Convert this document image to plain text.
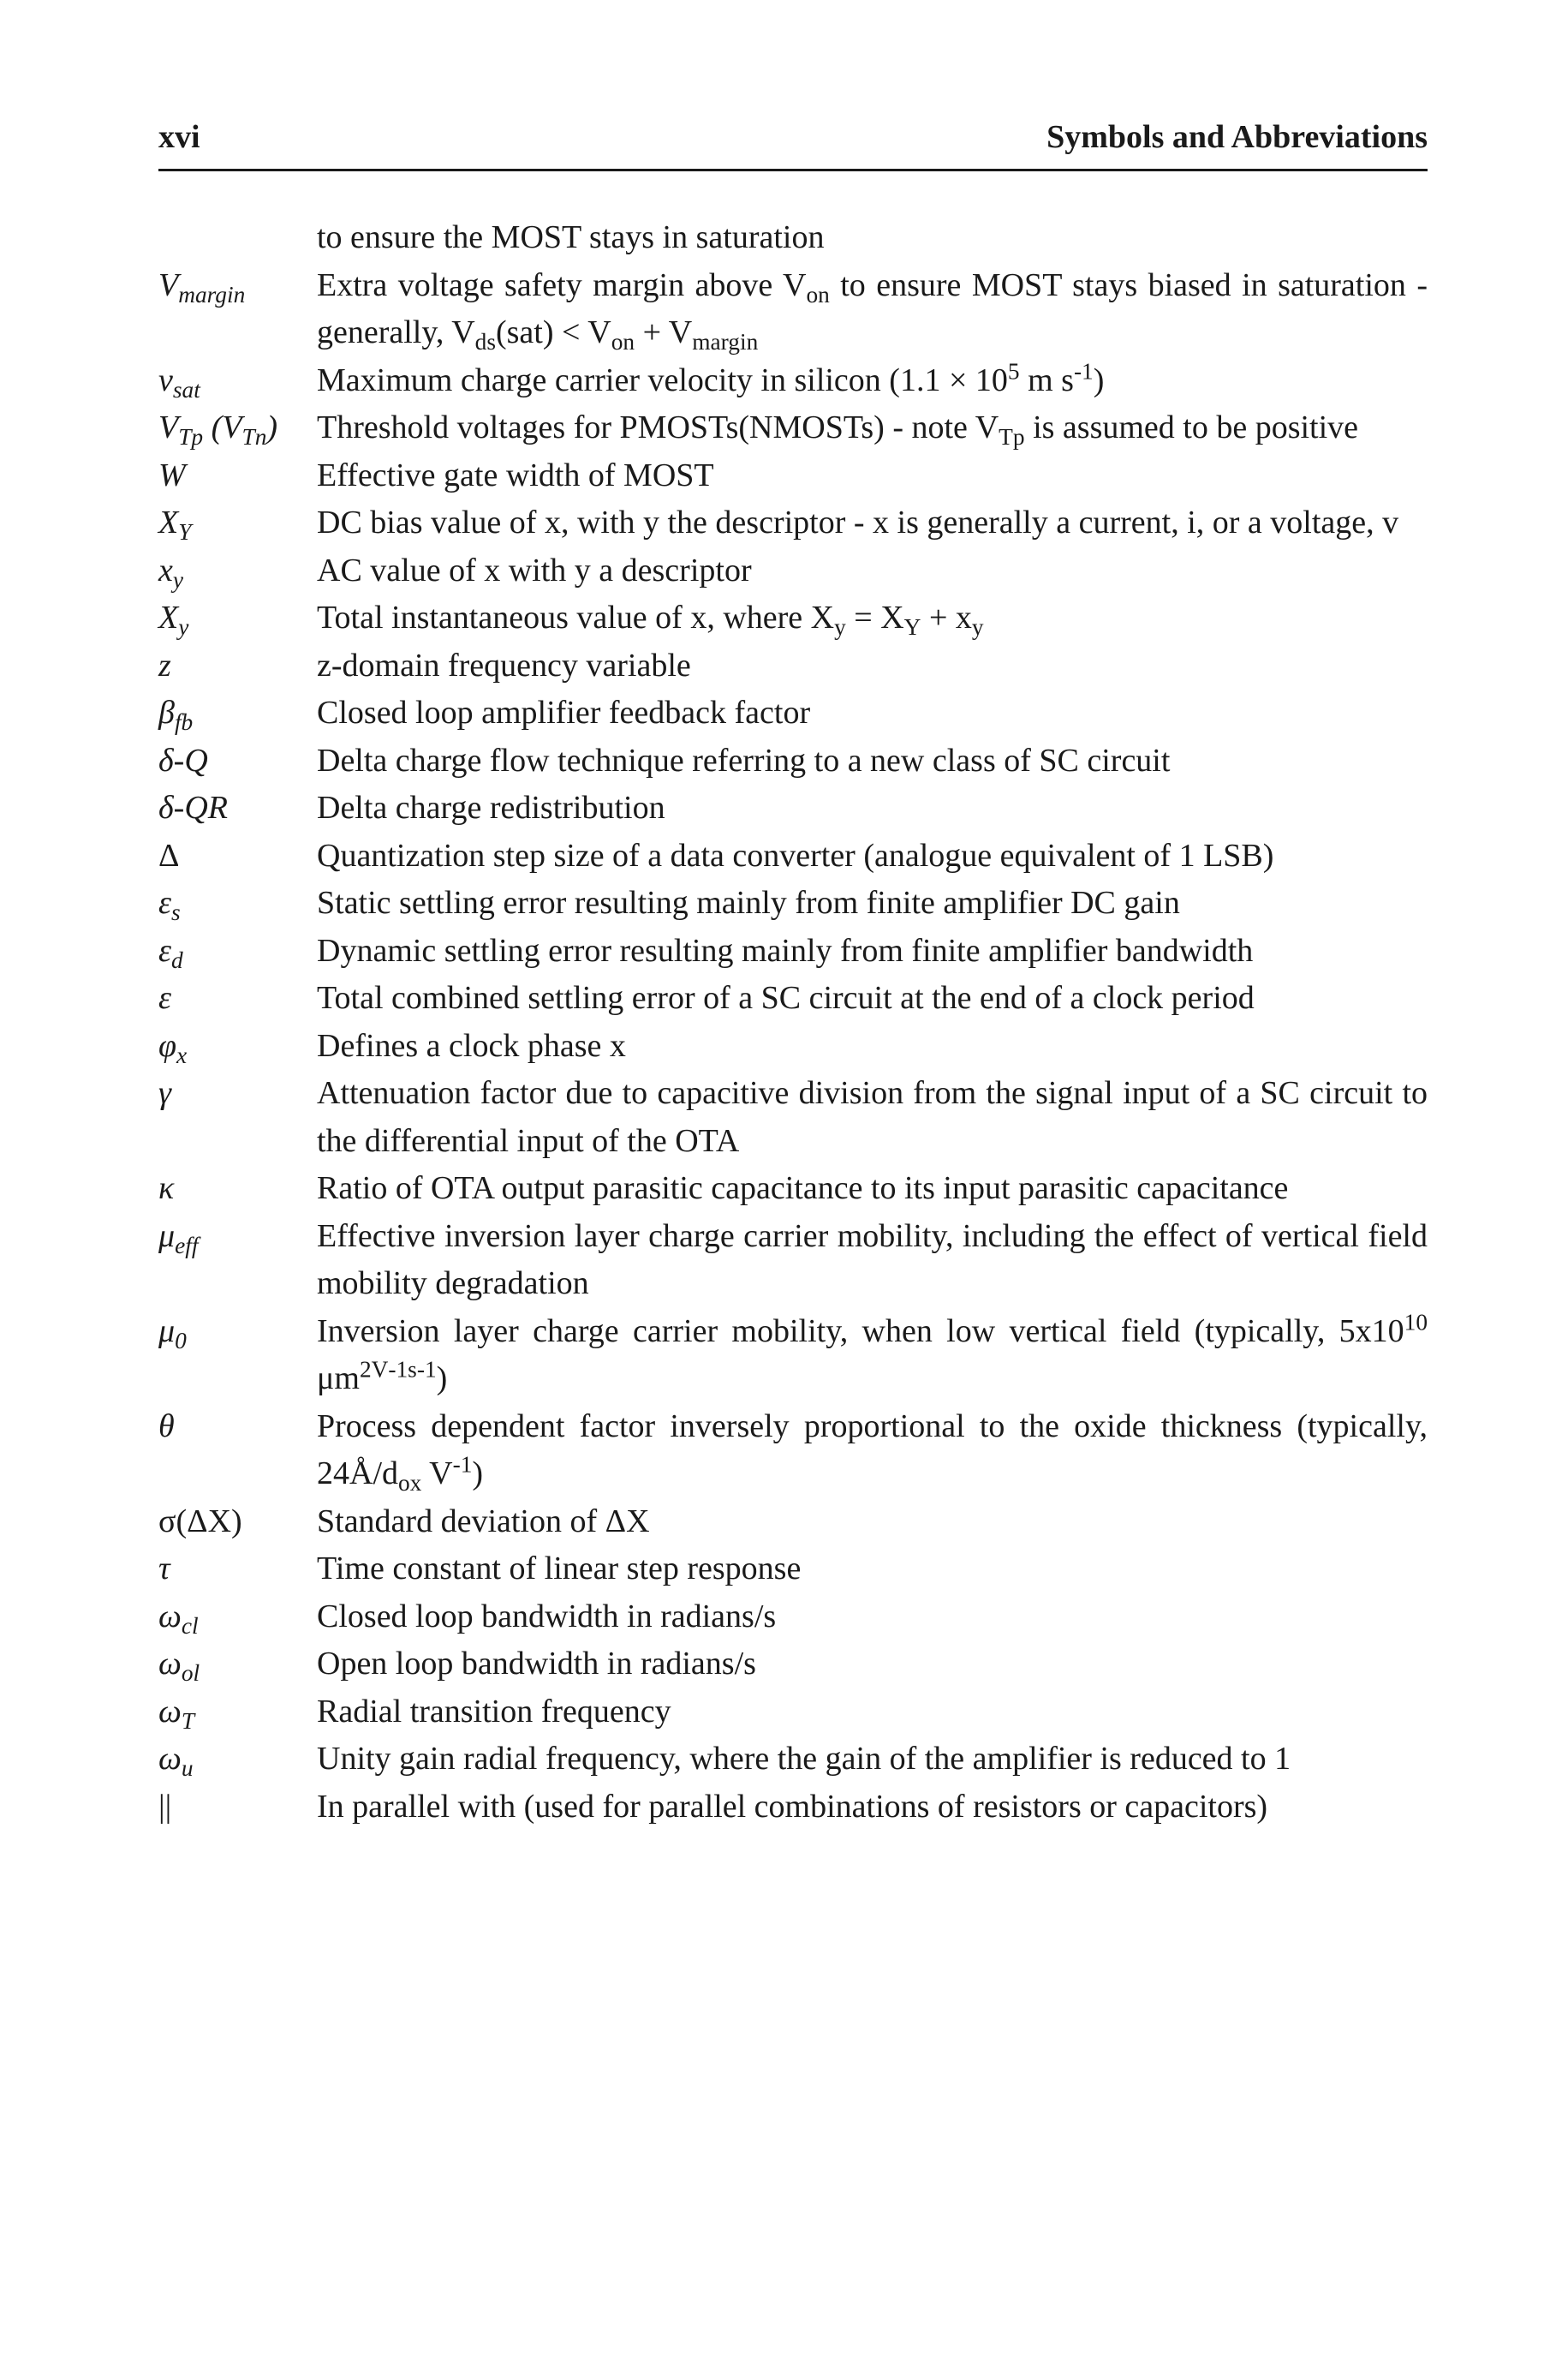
xvi	Symbols and Abbreviations
to ensure the MOST stays in saturation
$V_{margin}$	Extra voltage safety margin above $V_{on}$ to ensure MOST stays biased in saturation - generally, $V_{ds}(sat) < V_{on} + V_{margin}$
$v_{sat}$	Maximum charge carrier velocity in silicon ($1.1 \times 10^5$ m $s^{-1}$)
$V_{Tp}$ $(V_{Tn})$	Threshold voltages for PMOSTs(NMOSTs) - note $V_{Tp}$ is assumed to be positive
W	Effective gate width of MOST
$X_Y$	DC bias value of x, with y the descriptor - x is generally a current, i, or a voltage, v
$x_y$	AC value of x with y a descriptor
$X_y$	Total instantaneous value of x, where $X_y = X_Y + x_y$
z	z-domain frequency variable
$\beta_{fb}$	Closed loop amplifier feedback factor
δ-Q	Delta charge flow technique referring to a new class of SC circuit
δ-QR	Delta charge redistribution
Δ	Quantization step size of a data converter (analogue equivalent of 1 LSB)
$\varepsilon_s$	Static settling error resulting mainly from finite amplifier DC gain
$\varepsilon_d$	Dynamic settling error resulting mainly from finite amplifier bandwidth
ε	Total combined settling error of a SC circuit at the end of a clock period
$\varphi_x$	Defines a clock phase x
γ	Attenuation factor due to capacitive division from the signal input of a SC circuit to the differential input of the OTA
κ	Ratio of OTA output parasitic capacitance to its input parasitic capacitance
$\mu_{eff}$	Effective inversion layer charge carrier mobility, including the effect of vertical field mobility degradation
$\mu_0$	Inversion layer charge carrier mobility, when low vertical field (typically, $5x10^{10}$ $\mu m^{2V-1s-1}$)
θ	Process dependent factor inversely proportional to the oxide thickness (typically, $24Å/d_{ox}$ $V^{-1}$)
σ(ΔX)	Standard deviation of ΔX
τ	Time constant of linear step response
$\omega_{cl}$	Closed loop bandwidth in radians/s
$\omega_{ol}$	Open loop bandwidth in radians/s
$\omega_T$	Radial transition frequency
$\omega_u$	Unity gain radial frequency, where the gain of the amplifier is reduced to 1
||	In parallel with (used for parallel combinations of resistors or capacitors)
